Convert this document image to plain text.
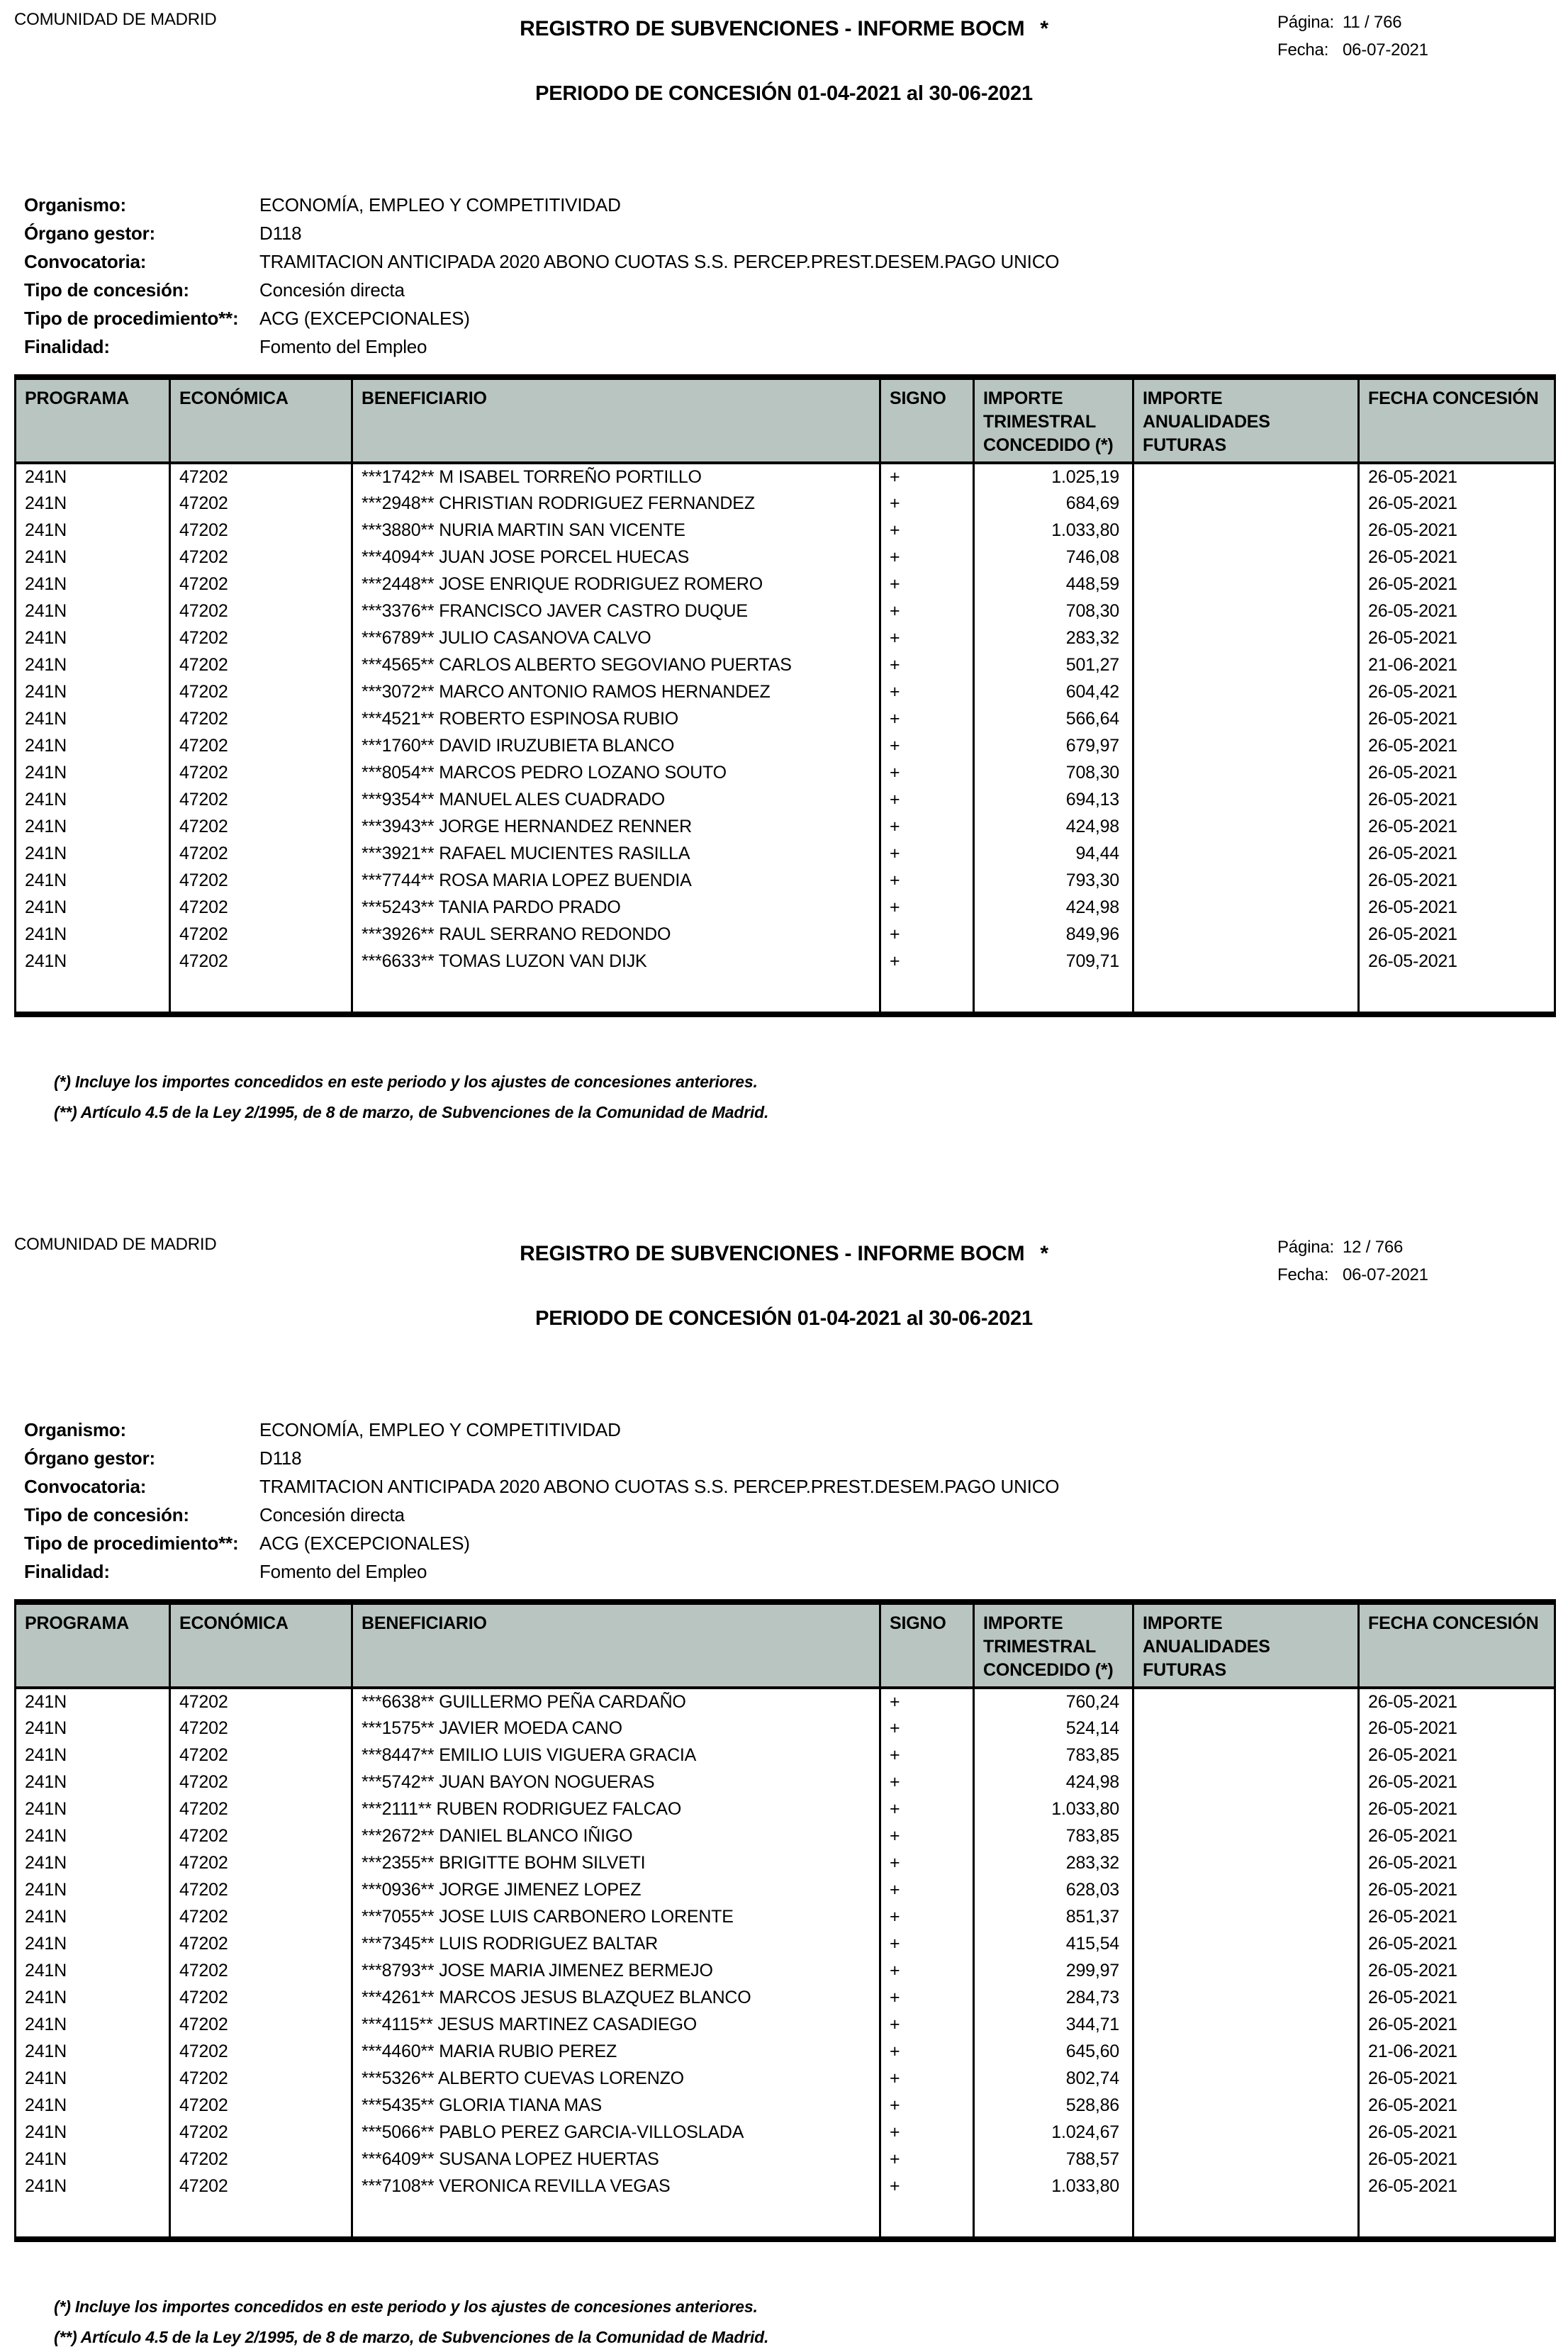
COMUNIDAD DE MADRID	REGISTRO DE SUBVENCIONES - INFORME BOCM *
PERIODO DE CONCESIÓN 01-04-2021 al 30-06-2021
Página: 11 / 766
Fecha: 06-07-2021
Organismo:	ECONOMÍA, EMPLEO Y COMPETITIVIDAD
Órgano gestor:	D118
Convocatoria:	TRAMITACION ANTICIPADA 2020 ABONO CUOTAS S.S. PERCEP.PREST.DESEM.PAGO UNICO
Tipo de concesión:	Concesión directa
Tipo de procedimiento**:	ACG (EXCEPCIONALES)
Finalidad:	Fomento del Empleo
PROGRAMA	ECONÓMICA	BENEFICIARIO	SIGNO	IMPORTE TRIMESTRAL CONCEDIDO (*)	IMPORTE ANUALIDADES FUTURAS	FECHA CONCESIÓN
241N	47202	***1742** M ISABEL TORREÑO PORTILLO	+	1.025,19		26-05-2021
241N	47202	***2948** CHRISTIAN RODRIGUEZ FERNANDEZ	+	684,69		26-05-2021
241N	47202	***3880** NURIA MARTIN SAN VICENTE	+	1.033,80		26-05-2021
241N	47202	***4094** JUAN JOSE PORCEL HUECAS	+	746,08		26-05-2021
241N	47202	***2448** JOSE ENRIQUE RODRIGUEZ ROMERO	+	448,59		26-05-2021
241N	47202	***3376** FRANCISCO JAVER CASTRO DUQUE	+	708,30		26-05-2021
241N	47202	***6789** JULIO CASANOVA CALVO	+	283,32		26-05-2021
241N	47202	***4565** CARLOS ALBERTO SEGOVIANO PUERTAS	+	501,27		21-06-2021
241N	47202	***3072** MARCO ANTONIO RAMOS HERNANDEZ	+	604,42		26-05-2021
241N	47202	***4521** ROBERTO ESPINOSA RUBIO	+	566,64		26-05-2021
241N	47202	***1760** DAVID IRUZUBIETA BLANCO	+	679,97		26-05-2021
241N	47202	***8054** MARCOS PEDRO LOZANO SOUTO	+	708,30		26-05-2021
241N	47202	***9354** MANUEL ALES CUADRADO	+	694,13		26-05-2021
241N	47202	***3943** JORGE HERNANDEZ RENNER	+	424,98		26-05-2021
241N	47202	***3921** RAFAEL MUCIENTES RASILLA	+	94,44		26-05-2021
241N	47202	***7744** ROSA MARIA LOPEZ BUENDIA	+	793,30		26-05-2021
241N	47202	***5243** TANIA PARDO PRADO	+	424,98		26-05-2021
241N	47202	***3926** RAUL SERRANO REDONDO	+	849,96		26-05-2021
241N	47202	***6633** TOMAS LUZON VAN DIJK	+	709,71		26-05-2021

(*) Incluye los importes concedidos en este periodo y los ajustes de concesiones anteriores.
(**) Artículo 4.5 de la Ley 2/1995, de 8 de marzo, de Subvenciones de la Comunidad de Madrid.
COMUNIDAD DE MADRID	REGISTRO DE SUBVENCIONES - INFORME BOCM *
PERIODO DE CONCESIÓN 01-04-2021 al 30-06-2021
Página: 12 / 766
Fecha: 06-07-2021
Organismo:	ECONOMÍA, EMPLEO Y COMPETITIVIDAD
Órgano gestor:	D118
Convocatoria:	TRAMITACION ANTICIPADA 2020 ABONO CUOTAS S.S. PERCEP.PREST.DESEM.PAGO UNICO
Tipo de concesión:	Concesión directa
Tipo de procedimiento**:	ACG (EXCEPCIONALES)
Finalidad:	Fomento del Empleo
PROGRAMA	ECONÓMICA	BENEFICIARIO	SIGNO	IMPORTE TRIMESTRAL CONCEDIDO (*)	IMPORTE ANUALIDADES FUTURAS	FECHA CONCESIÓN
241N	47202	***6638** GUILLERMO PEÑA CARDAÑO	+	760,24		26-05-2021
241N	47202	***1575** JAVIER MOEDA CANO	+	524,14		26-05-2021
241N	47202	***8447** EMILIO LUIS VIGUERA GRACIA	+	783,85		26-05-2021
241N	47202	***5742** JUAN BAYON NOGUERAS	+	424,98		26-05-2021
241N	47202	***2111** RUBEN RODRIGUEZ FALCAO	+	1.033,80		26-05-2021
241N	47202	***2672** DANIEL BLANCO IÑIGO	+	783,85		26-05-2021
241N	47202	***2355** BRIGITTE BOHM SILVETI	+	283,32		26-05-2021
241N	47202	***0936** JORGE JIMENEZ LOPEZ	+	628,03		26-05-2021
241N	47202	***7055** JOSE LUIS CARBONERO LORENTE	+	851,37		26-05-2021
241N	47202	***7345** LUIS RODRIGUEZ BALTAR	+	415,54		26-05-2021
241N	47202	***8793** JOSE MARIA JIMENEZ BERMEJO	+	299,97		26-05-2021
241N	47202	***4261** MARCOS JESUS BLAZQUEZ BLANCO	+	284,73		26-05-2021
241N	47202	***4115** JESUS MARTINEZ CASADIEGO	+	344,71		26-05-2021
241N	47202	***4460** MARIA RUBIO PEREZ	+	645,60		21-06-2021
241N	47202	***5326** ALBERTO CUEVAS LORENZO	+	802,74		26-05-2021
241N	47202	***5435** GLORIA TIANA MAS	+	528,86		26-05-2021
241N	47202	***5066** PABLO PEREZ GARCIA-VILLOSLADA	+	1.024,67		26-05-2021
241N	47202	***6409** SUSANA LOPEZ HUERTAS	+	788,57		26-05-2021
241N	47202	***7108** VERONICA REVILLA VEGAS	+	1.033,80		26-05-2021

(*) Incluye los importes concedidos en este periodo y los ajustes de concesiones anteriores.
(**) Artículo 4.5 de la Ley 2/1995, de 8 de marzo, de Subvenciones de la Comunidad de Madrid.
